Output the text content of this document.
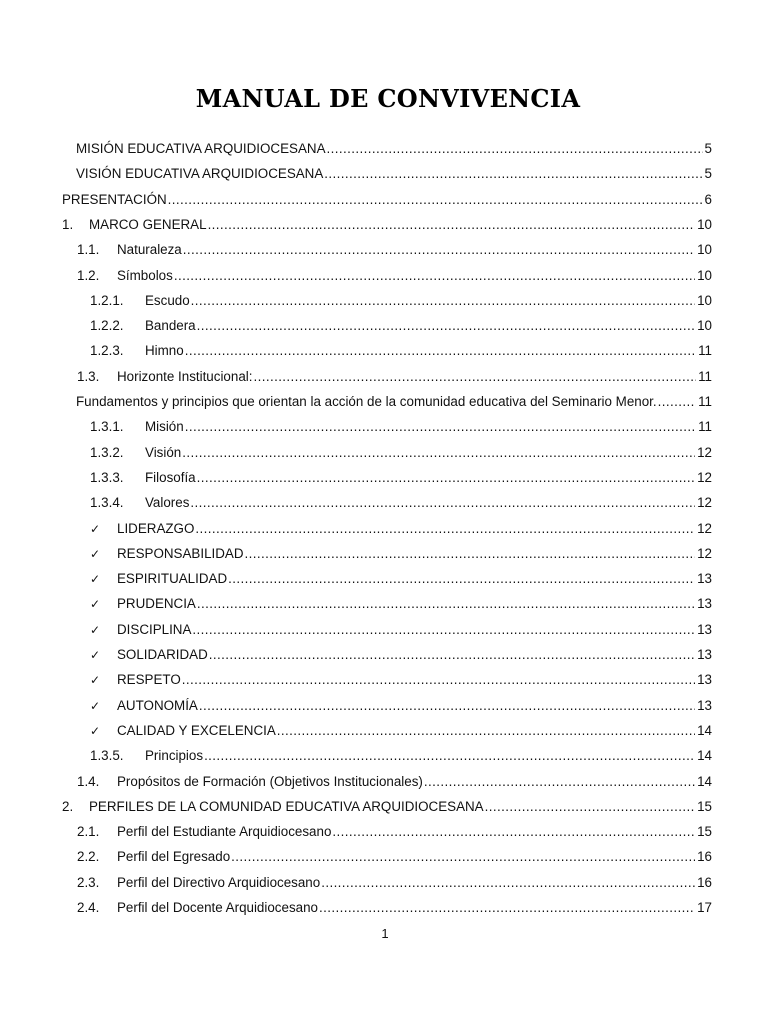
MANUAL DE CONVIVENCIA
MISIÓN EDUCATIVA ARQUIDIOCESANA .....	5
VISIÓN EDUCATIVA ARQUIDIOCESANA .....	5
PRESENTACIÓN .....	6
1.	MARCO GENERAL .....	10
1.1.	Naturaleza .....	10
1.2.	Símbolos .....	10
1.2.1.	Escudo .....	10
1.2.2.	Bandera .....	10
1.2.3.	Himno .....	11
1.3.	Horizonte Institucional: .....	11
Fundamentos y principios que orientan la acción de la comunidad educativa del Seminario Menor. .....	11
1.3.1.	Misión .....	11
1.3.2.	Visión .....	12
1.3.3.	Filosofía .....	12
1.3.4.	Valores .....	12
✓	LIDERAZGO .....	12
✓	RESPONSABILIDAD .....	12
✓	ESPIRITUALIDAD .....	13
✓	PRUDENCIA .....	13
✓	DISCIPLINA .....	13
✓	SOLIDARIDAD .....	13
✓	RESPETO .....	13
✓	AUTONOMÍA .....	13
✓	CALIDAD Y EXCELENCIA .....	14
1.3.5.	Principios .....	14
1.4.	Propósitos de Formación (Objetivos Institucionales) .....	14
2.	PERFILES DE LA COMUNIDAD EDUCATIVA ARQUIDIOCESANA .....	15
2.1.	Perfil del Estudiante Arquidiocesano .....	15
2.2.	Perfil del Egresado .....	16
2.3.	Perfil del Directivo Arquidiocesano .....	16
2.4.	Perfil del Docente Arquidiocesano .....	17
1
